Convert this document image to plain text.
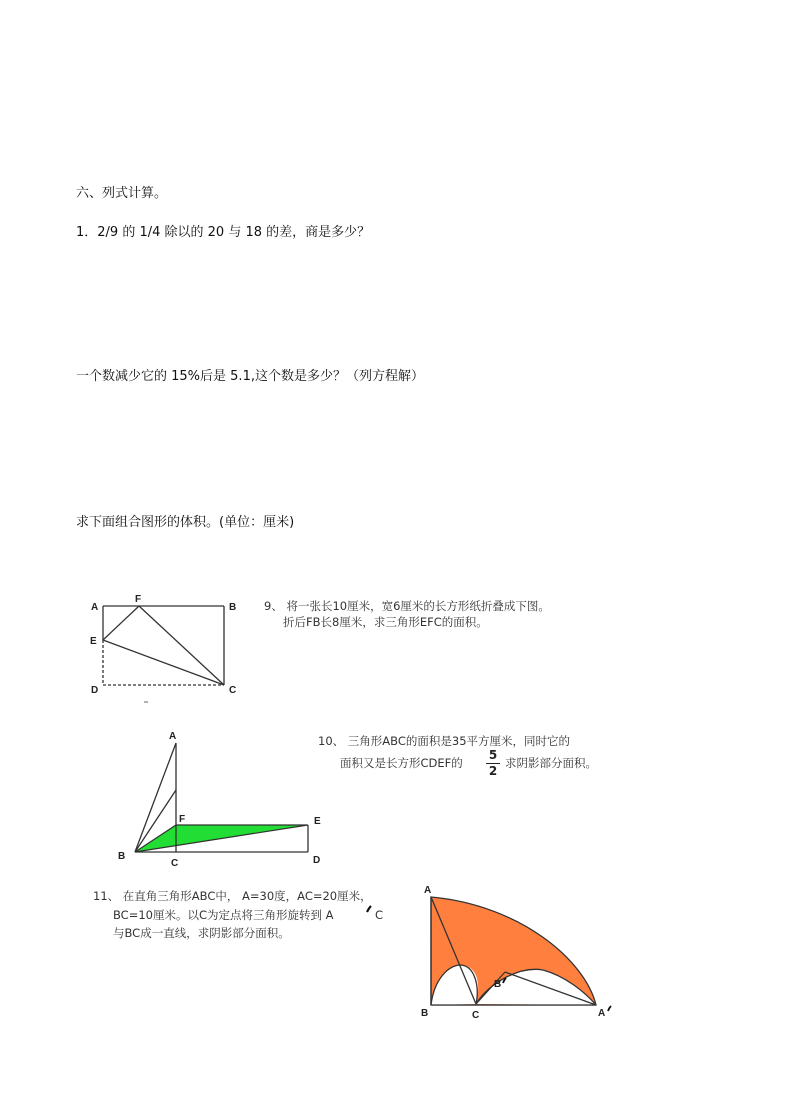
六、列式计算。
1．2/9 的 1/4 除以的 20 与 18 的差，商是多少？
一个数减少它的 15%后是 5.1,这个数是多少？（列方程解）
求下面组合图形的体积。(单位：厘米)
9、 将一张长10厘米，宽6厘米的长方形纸折叠成下图。
折后FB长8厘米，求三角形EFC的面积。
A
F
B
E
D	C
10、 三角形ABC的面积是35平方厘米，同时它的
面积又是长方形CDEF的
5
2
求阴影部分面积。
A
F	E
B
C	D
11、 在直角三角形ABC中， A=30度，AC=20厘米，
BC=10厘米。以C为定点将三角形旋转到 A	C
与BC成一直线，求阴影部分面积。
A
B	C
B
A
